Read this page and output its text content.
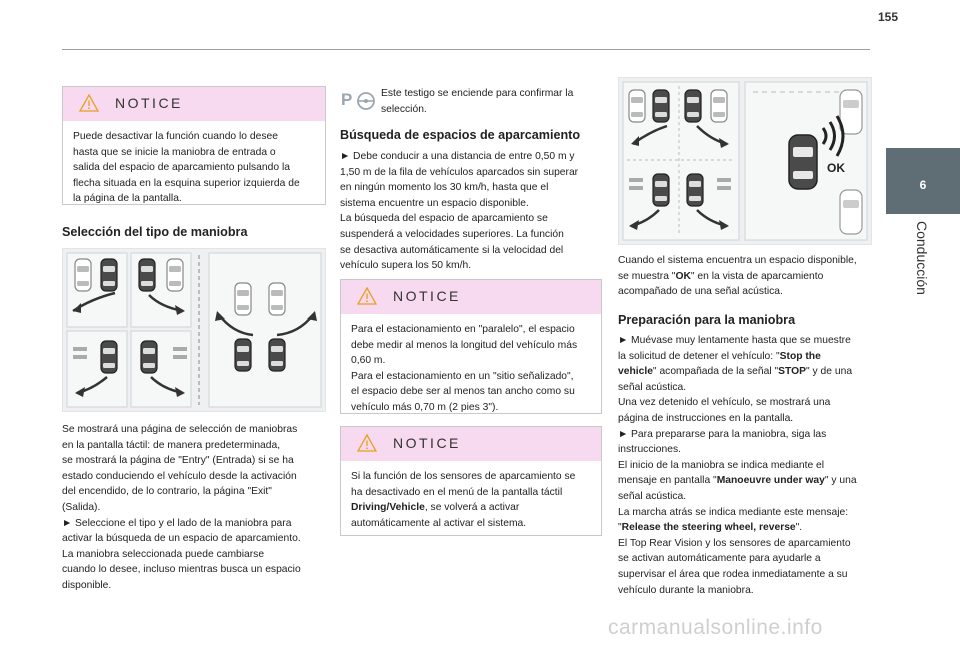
155
6
Conducción
NOTICE
Puede desactivar la función cuando lo desee
hasta que se inicie la maniobra de entrada o
salida del espacio de aparcamiento pulsando la
flecha situada en la esquina superior izquierda de
la página de la pantalla.
Selección del tipo de maniobra
Se mostrará una página de selección de maniobras
en la pantalla táctil: de manera predeterminada,
se mostrará la página de "Entry" (Entrada) si se ha
estado conduciendo el vehículo desde la activación
del encendido, de lo contrario, la página "Exit"
(Salida).
► Seleccione el tipo y el lado de la maniobra para
activar la búsqueda de un espacio de aparcamiento.
La maniobra seleccionada puede cambiarse
cuando lo desee, incluso mientras busca un espacio
disponible.
P	Este testigo se enciende para confirmar la
selección.
Búsqueda de espacios de aparcamiento
► Debe conducir a una distancia de entre 0,50 m y
1,50 m de la fila de vehículos aparcados sin superar
en ningún momento los 30 km/h, hasta que el
sistema encuentre un espacio disponible.
La búsqueda del espacio de aparcamiento se
suspenderá a velocidades superiores. La función
se desactiva automáticamente si la velocidad del
vehículo supera los 50 km/h.
NOTICE
Para el estacionamiento en "paralelo", el espacio
debe medir al menos la longitud del vehículo más
0,60 m.
Para el estacionamiento en un "sitio señalizado",
el espacio debe ser al menos tan ancho como su
vehículo más 0,70 m (2 pies 3").
NOTICE
Si la función de los sensores de aparcamiento se
ha desactivado en el menú de la pantalla táctil
Driving/Vehicle, se volverá a activar
automáticamente al activar el sistema.
OK
Cuando el sistema encuentra un espacio disponible,
se muestra "OK" en la vista de aparcamiento
acompañado de una señal acústica.
Preparación para la maniobra
► Muévase muy lentamente hasta que se muestre
la solicitud de detener el vehículo: "Stop the
vehicle" acompañada de la señal "STOP" y de una
señal acústica.
Una vez detenido el vehículo, se mostrará una
página de instrucciones en la pantalla.
► Para prepararse para la maniobra, siga las
instrucciones.
El inicio de la maniobra se indica mediante el
mensaje en pantalla "Manoeuvre under way" y una
señal acústica.
La marcha atrás se indica mediante este mensaje:
"Release the steering wheel, reverse".
El Top Rear Vision y los sensores de aparcamiento
se activan automáticamente para ayudarle a
supervisar el área que rodea inmediatamente a su
vehículo durante la maniobra.
carmanualsonline.info
